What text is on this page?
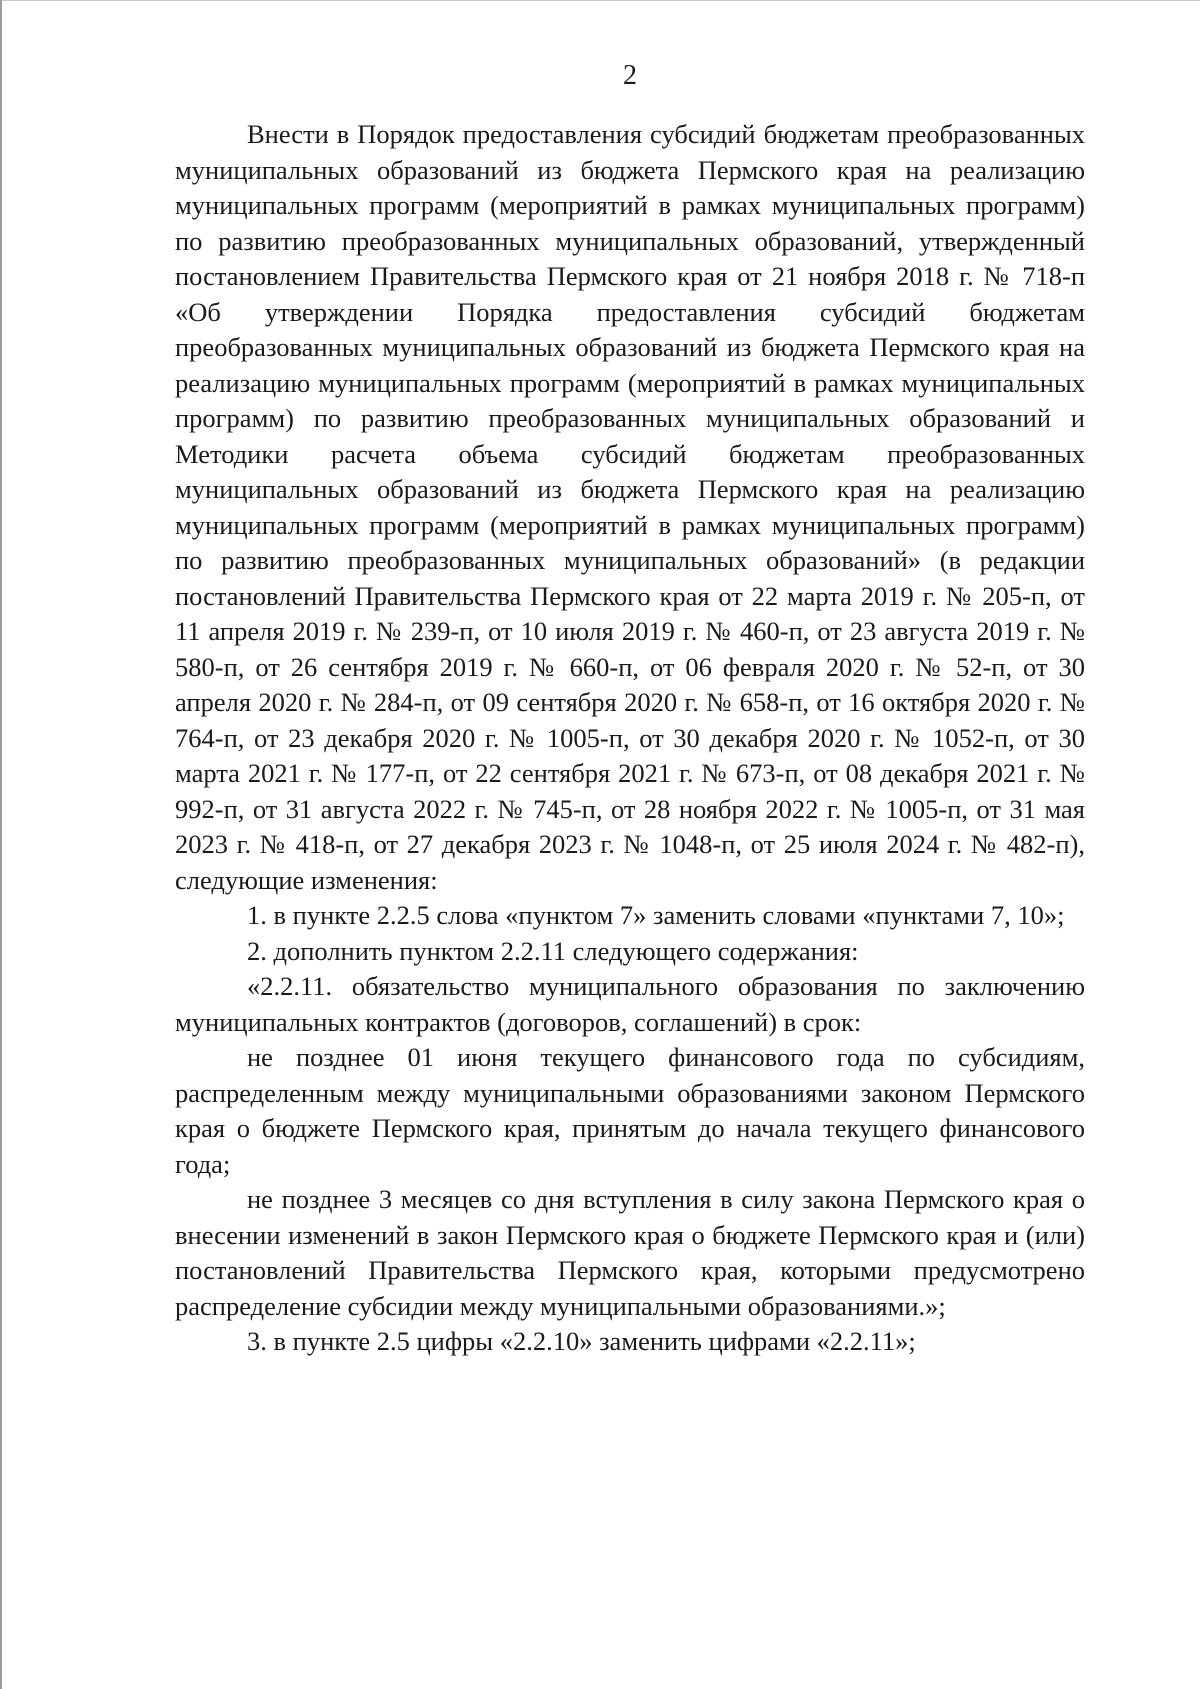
2

Внести в Порядок предоставления субсидий бюджетам преобразованных муниципальных образований из бюджета Пермского края на реализацию муниципальных программ (мероприятий в рамках муниципальных программ) по развитию преобразованных муниципальных образований, утвержденный постановлением Правительства Пермского края от 21 ноября 2018 г. № 718-п «Об утверждении Порядка предоставления субсидий бюджетам преобразованных муниципальных образований из бюджета Пермского края на реализацию муниципальных программ (мероприятий в рамках муниципальных программ) по развитию преобразованных муниципальных образований и Методики расчета объема субсидий бюджетам преобразованных муниципальных образований из бюджета Пермского края на реализацию муниципальных программ (мероприятий в рамках муниципальных программ) по развитию преобразованных муниципальных образований» (в редакции постановлений Правительства Пермского края от 22 марта 2019 г. № 205-п, от 11 апреля 2019 г. № 239-п, от 10 июля 2019 г. № 460-п, от 23 августа 2019 г. № 580-п, от 26 сентября 2019 г. № 660-п, от 06 февраля 2020 г. № 52-п, от 30 апреля 2020 г. № 284-п, от 09 сентября 2020 г. № 658-п, от 16 октября 2020 г. № 764-п, от 23 декабря 2020 г. № 1005-п, от 30 декабря 2020 г. № 1052-п, от 30 марта 2021 г. № 177-п, от 22 сентября 2021 г. № 673-п, от 08 декабря 2021 г. № 992-п, от 31 августа 2022 г. № 745-п, от 28 ноября 2022 г. № 1005-п, от 31 мая 2023 г. № 418-п, от 27 декабря 2023 г. № 1048-п, от 25 июля 2024 г. № 482-п), следующие изменения:

1. в пункте 2.2.5 слова «пунктом 7» заменить словами «пунктами 7, 10»;

2. дополнить пунктом 2.2.11 следующего содержания:

«2.2.11. обязательство муниципального образования по заключению муниципальных контрактов (договоров, соглашений) в срок:

не позднее 01 июня текущего финансового года по субсидиям, распределенным между муниципальными образованиями законом Пермского края о бюджете Пермского края, принятым до начала текущего финансового года;

не позднее 3 месяцев со дня вступления в силу закона Пермского края о внесении изменений в закон Пермского края о бюджете Пермского края и (или) постановлений Правительства Пермского края, которыми предусмотрено распределение субсидии между муниципальными образованиями.»;

3. в пункте 2.5 цифры «2.2.10» заменить цифрами «2.2.11»;
